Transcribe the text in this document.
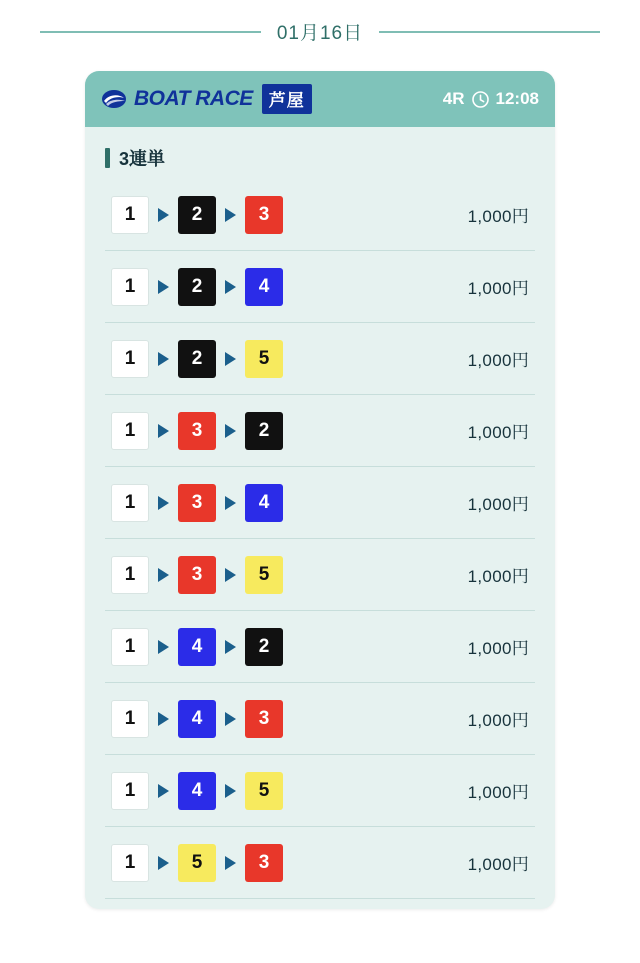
01月16日
BOAT RACE 芦屋	4R 12:08
3連単
1	2	3	1,000円
1	2	4	1,000円
1	2	5	1,000円
1	3	2	1,000円
1	3	4	1,000円
1	3	5	1,000円
1	4	2	1,000円
1	4	3	1,000円
1	4	5	1,000円
1	5	3	1,000円
